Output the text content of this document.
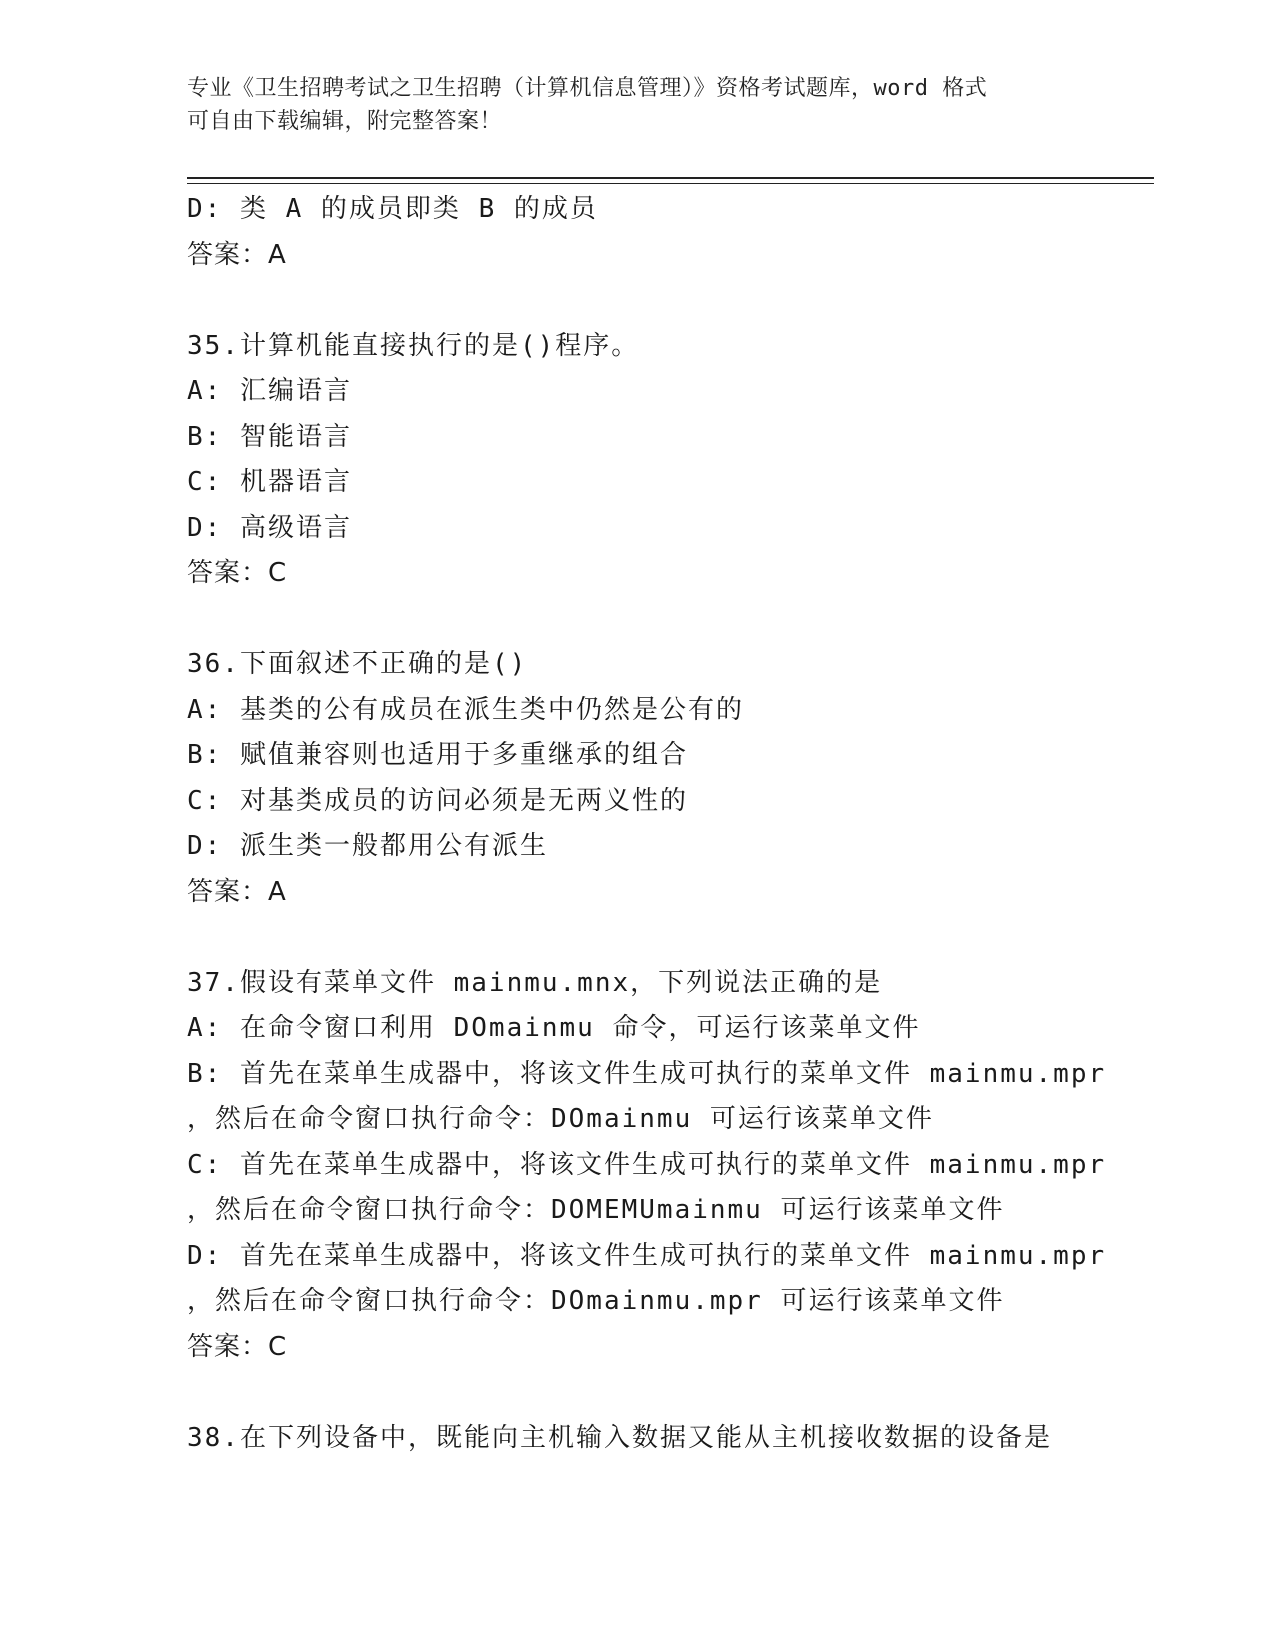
专业《卫生招聘考试之卫生招聘（计算机信息管理）》资格考试题库，word 格式
可自由下载编辑，附完整答案！
D: 类 A 的成员即类 B 的成员
答案：A
35.计算机能直接执行的是()程序。
A: 汇编语言
B: 智能语言
C: 机器语言
D: 高级语言
答案：C
36.下面叙述不正确的是()
A: 基类的公有成员在派生类中仍然是公有的
B: 赋值兼容则也适用于多重继承的组合
C: 对基类成员的访问必须是无两义性的
D: 派生类一般都用公有派生
答案：A
37.假设有菜单文件 mainmu.mnx，下列说法正确的是
A: 在命令窗口利用 DOmainmu 命令，可运行该菜单文件
B: 首先在菜单生成器中，将该文件生成可执行的菜单文件 mainmu.mpr
，然后在命令窗口执行命令：DOmainmu 可运行该菜单文件
C: 首先在菜单生成器中，将该文件生成可执行的菜单文件 mainmu.mpr
，然后在命令窗口执行命令：DOMEMUmainmu 可运行该菜单文件
D: 首先在菜单生成器中，将该文件生成可执行的菜单文件 mainmu.mpr
，然后在命令窗口执行命令：DOmainmu.mpr 可运行该菜单文件
答案：C
38.在下列设备中，既能向主机输入数据又能从主机接收数据的设备是
